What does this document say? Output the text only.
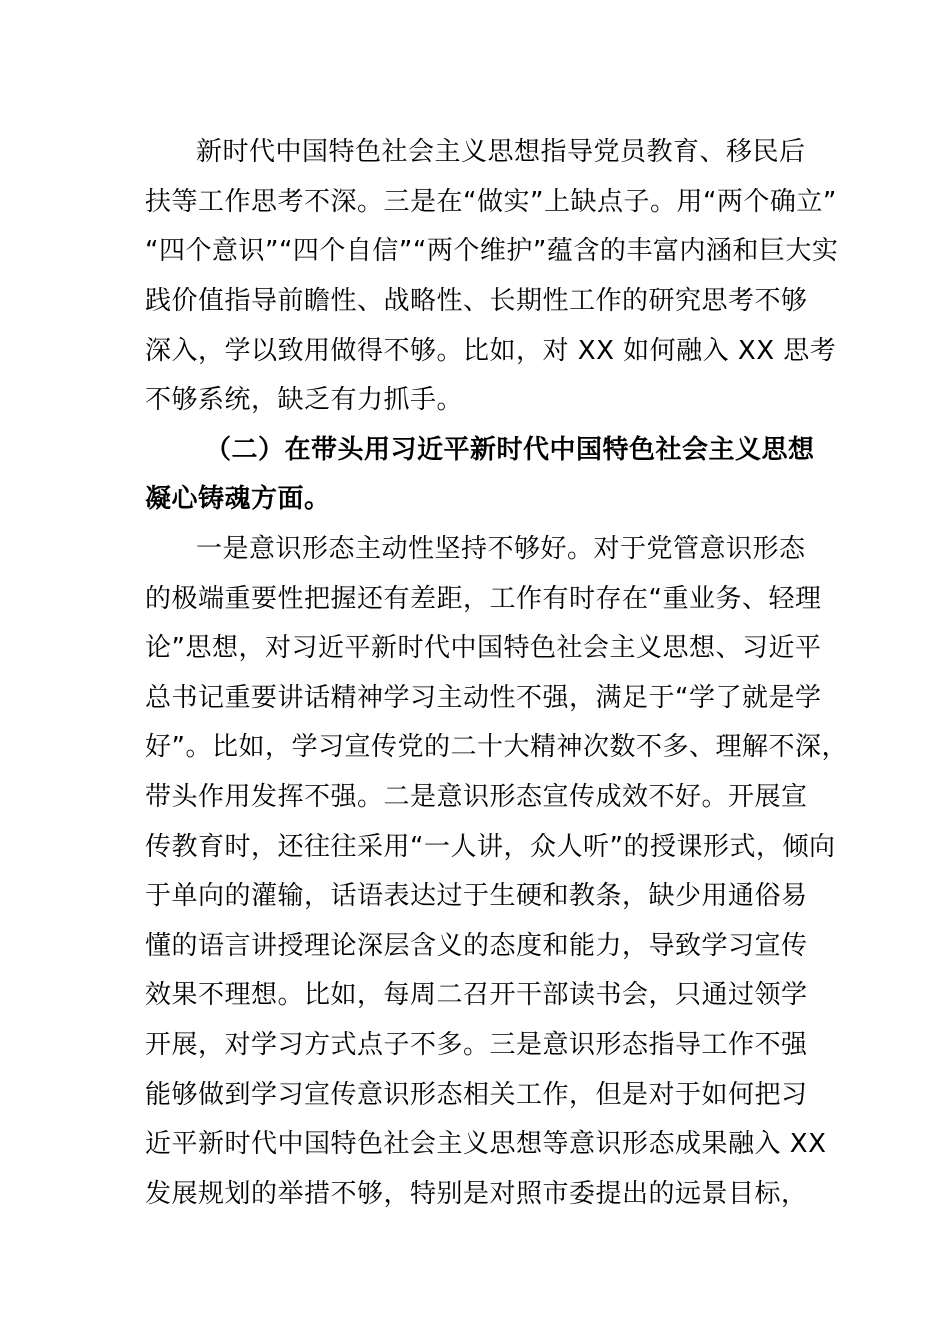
新时代中国特色社会主义思想指导党员教育、移民后
扶等工作思考不深。三是在“做实”上缺点子。用“两个确立”
“四个意识”“四个自信”“两个维护”蕴含的丰富内涵和巨大实
践价值指导前瞻性、战略性、长期性工作的研究思考不够
深入，学以致用做得不够。比如，对 XX 如何融入 XX 思考
不够系统，缺乏有力抓手。
（二）在带头用习近平新时代中国特色社会主义思想
凝心铸魂方面。
一是意识形态主动性坚持不够好。对于党管意识形态
的极端重要性把握还有差距，工作有时存在“重业务、轻理
论”思想，对习近平新时代中国特色社会主义思想、习近平
总书记重要讲话精神学习主动性不强，满足于“学了就是学
好”。比如，学习宣传党的二十大精神次数不多、理解不深，
带头作用发挥不强。二是意识形态宣传成效不好。开展宣
传教育时，还往往采用“一人讲，众人听”的授课形式，倾向
于单向的灌输，话语表达过于生硬和教条，缺少用通俗易
懂的语言讲授理论深层含义的态度和能力，导致学习宣传
效果不理想。比如，每周二召开干部读书会，只通过领学
开展，对学习方式点子不多。三是意识形态指导工作不强
能够做到学习宣传意识形态相关工作，但是对于如何把习
近平新时代中国特色社会主义思想等意识形态成果融入 XX
发展规划的举措不够，特别是对照市委提出的远景目标，
